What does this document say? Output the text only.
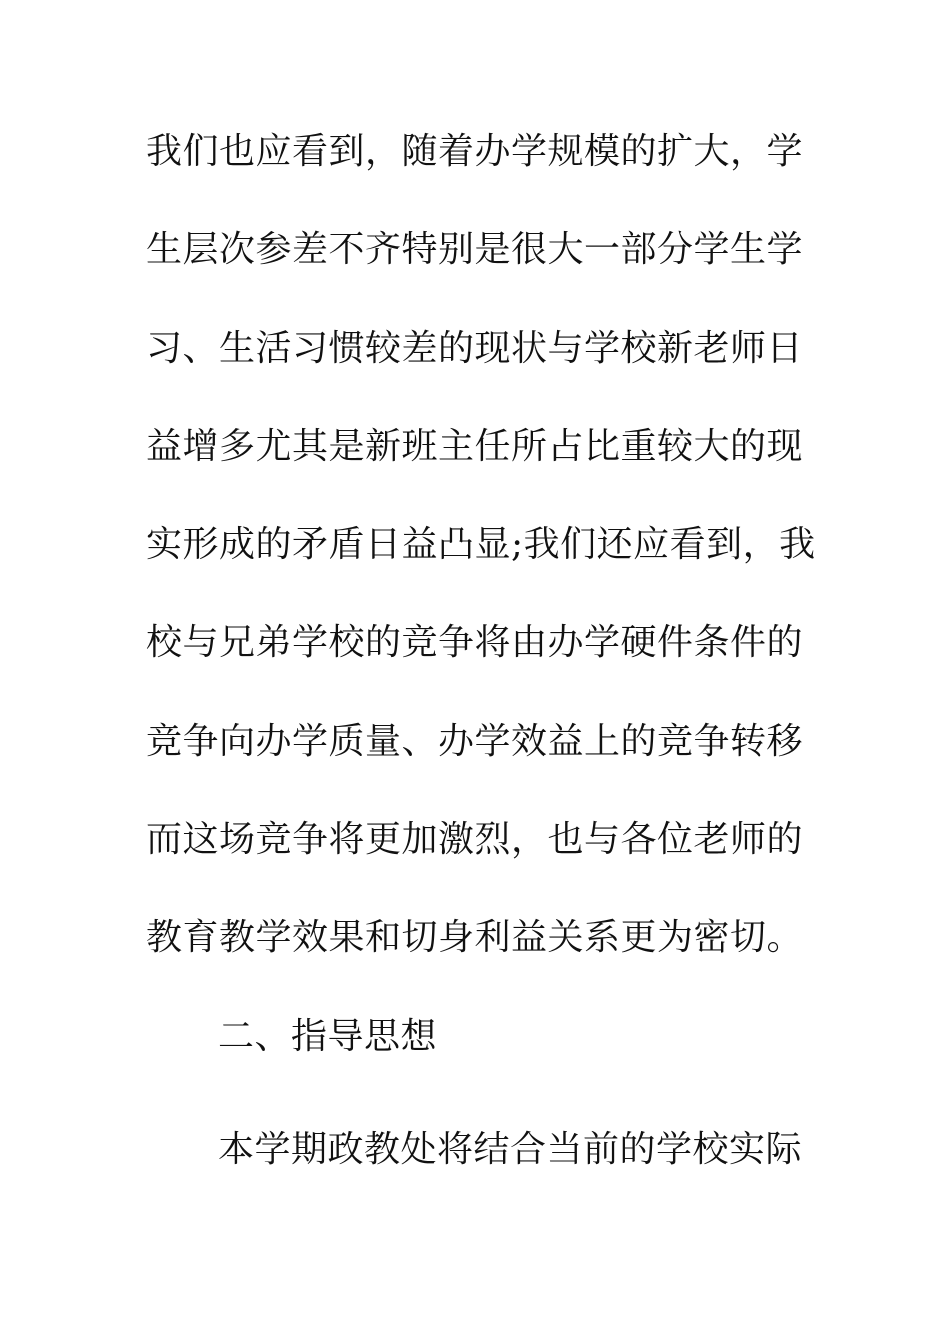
我们也应看到，随着办学规模的扩大，学
生层次参差不齐特别是很大一部分学生学
习、生活习惯较差的现状与学校新老师日
益增多尤其是新班主任所占比重较大的现
实形成的矛盾日益凸显;我们还应看到，我
校与兄弟学校的竞争将由办学硬件条件的
竞争向办学质量、办学效益上的竞争转移
而这场竞争将更加激烈，也与各位老师的
教育教学效果和切身利益关系更为密切。
二、指导思想
本学期政教处将结合当前的学校实际
